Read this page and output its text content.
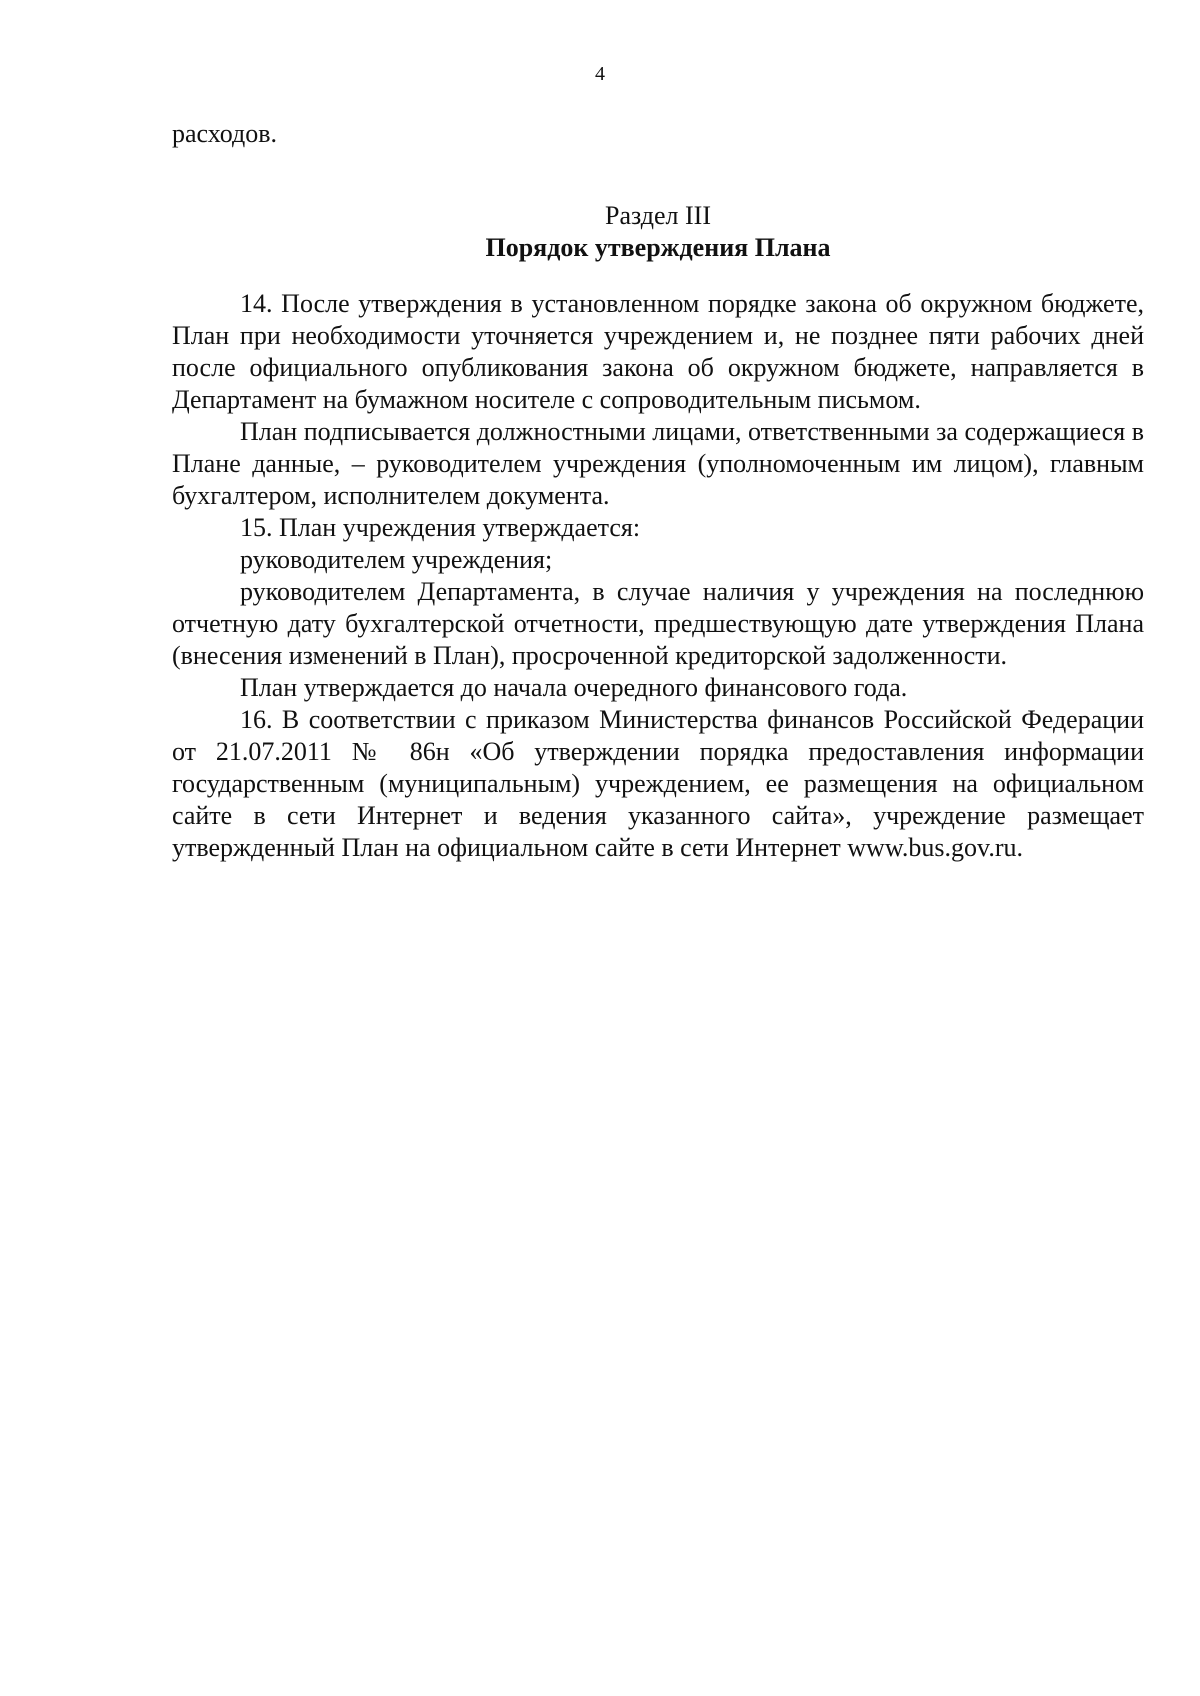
4

расходов.

Раздел III
Порядок утверждения Плана

14. После утверждения в установленном порядке закона об окружном бюджете, План при необходимости уточняется учреждением и, не позднее пяти рабочих дней после официального опубликования закона об окружном бюджете, направляется в Департамент на бумажном носителе с сопроводительным письмом.

План подписывается должностными лицами, ответственными за содержащиеся в Плане данные, – руководителем учреждения (уполномоченным им лицом), главным бухгалтером, исполнителем документа.

15. План учреждения утверждается:

руководителем учреждения;

руководителем Департамента, в случае наличия у учреждения на последнюю отчетную дату бухгалтерской отчетности, предшествующую дате утверждения Плана (внесения изменений в План), просроченной кредиторской задолженности.

План утверждается до начала очередного финансового года.

16. В соответствии с приказом Министерства финансов Российской Федерации от 21.07.2011 № 86н «Об утверждении порядка предоставления информации государственным (муниципальным) учреждением, ее размещения на официальном сайте в сети Интернет и ведения указанного сайта», учреждение размещает утвержденный План на официальном сайте в сети Интернет www.bus.gov.ru.
